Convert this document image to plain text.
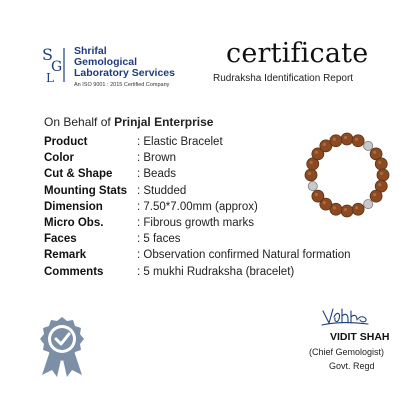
S
G
L
Shrifal
Gemological
Laboratory Services
An ISO 9001 : 2015 Certified Company
certificate
Rudraksha Identification Report
On Behalf of Prinjal Enterprise
Product	: Elastic Bracelet
Color	: Brown
Cut & Shape	: Beads
Mounting Stats : Studded
Dimension	: 7.50*7.00mm (approx)
Micro Obs.	: Fibrous growth marks
Faces	: 5 faces
Remark	: Observation confirmed Natural formation
Comments	: 5 mukhi Rudraksha (bracelet)
VIDIT SHAH
(Chief Gemologist)
Govt. Regd
